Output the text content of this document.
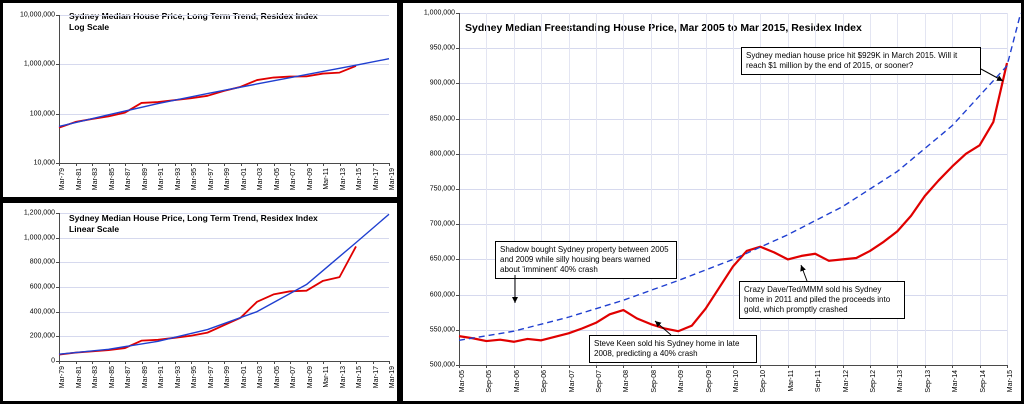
Sydney Median House Price, Long Term Trend, Residex Index
Log Scale
10,000
100,000
1,000,000
10,000,000
Mar-79 Mar-81 Mar-83 Mar-85 Mar-87 Mar-89 Mar-91 Mar-93 Mar-95 Mar-97 Mar-99 Mar-01 Mar-03 Mar-05 Mar-07 Mar-09 Mar-11 Mar-13 Mar-15 Mar-17 Mar-19
Sydney Median House Price, Long Term Trend, Residex Index
Linear Scale
0
200,000
400,000
600,000
800,000
1,000,000
1,200,000
Mar-79 Mar-81 Mar-83 Mar-85 Mar-87 Mar-89 Mar-91 Mar-93 Mar-95 Mar-97 Mar-99 Mar-01 Mar-03 Mar-05 Mar-07 Mar-09 Mar-11 Mar-13 Mar-15 Mar-17 Mar-19
Sydney Median Freestanding House Price, Mar 2005 to Mar 2015, Residex Index
500,000
550,000
600,000
650,000
700,000
750,000
800,000
850,000
900,000
950,000
1,000,000
Mar-05	Sep-05	Mar-06	Sep-06	Mar-07	Sep-07	Mar-08	Sep-08	Mar-09	Sep-09	Mar-10	Sep-10	Mar-11	Sep-11	Mar-12	Sep-12	Mar-13	Sep-13	Mar-14	Sep-14	Mar-15
Sydney median house price hit $929K in March 2015. Will it reach $1 million by the end of 2015, or sooner?
Shadow bought Sydney property between 2005 and 2009 while silly housing bears warned about 'imminent' 40% crash
Steve Keen sold his Sydney home in late 2008, predicting a 40% crash
Crazy Dave/Ted/MMM sold his Sydney home in 2011 and piled the proceeds into gold, which promptly crashed
